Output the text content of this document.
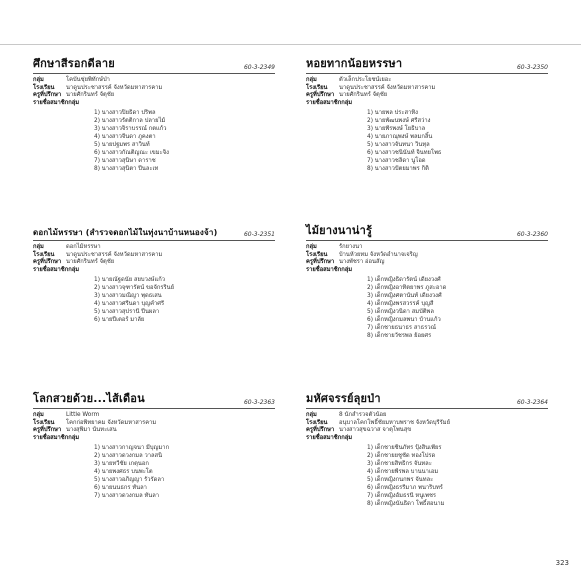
ศึกษาสีรอกดีลาย	60-3-2349
กลุ่ม	โคบันชุ่ยพิทักษ์ป่า
โรงเรียน	นาดูนประชาสรรค์ จังหวัดมหาสารคาม
ครูที่ปรึกษา นายศักรินทร์ จัตุชัย
รายชื่อสมาชิกกลุ่ม
1) นางสาวปิยธิดา ปริพล
2) นางสาวรัตติกาล ปลายไม้
3) นางสาวจิราบรรณ์ กตแก้ว
4) นางสาวจีนดา ภูคงตา
5) นายปฐมพร สาวินท์
6) นางสาวกัณติญณะ เขมะจิง
7) นางสาวสุนิษา ดาราช
8) นางสาวสุนิตา ปีนละเท
หอยทากน้อยหรรษา	60-3-2350
กลุ่ม	ตัวเล็กประโยชน์เยอะ
โรงเรียน	นาดูนประชาสรรค์ จังหวัดมหาสารคาม
ครูที่ปรึกษา นายศักรินทร์ จัตุชัย
รายชื่อสมาชิกกลุ่ม
1) นายพล ประสาทิง
2) นายพัฒนพงษ์ ศรีสว่าง
3) นายพีรพงษ์ โยธิบาล
4) นายภาณุพงษ์ พลมกลิ้น
5) นางสาวจันทนา วินทุล
6) นางสาวชนินันท์ จินทยโพธ
7) นางสาวชลิดา นูโอด
8) นางสาวปัตยมาพร กิติ
ดอกไม้หรรษา (สำรวจดอกไม้ในทุ่งนาบ้านหนองจ้า)	60-3-2351
กลุ่ม	ดอกไม้หรรษา
โรงเรียน	นาดูนประชาสรรค์ จังหวัดมหาสารคาม
ครูที่ปรึกษา นายศักรินทร์ จัตุชัย
รายชื่อสมาชิกกลุ่ม
1) นายณัฐดนัย สยบวงษ์แก้ว
2) นางสาวจุฑารัตน์ ขอจักรรินย์
3) นางสาวมณิญา พุดธเสน
4) นางสาวศรีนดา บุญคำศรี
5) นางสาวสุปรานี ปีนผลา
6) นายปีเตอร์ มาลัย
ไม้ยางนาน่ารู้	60-3-2360
กลุ่ม	รักยางนา
โรงเรียน	บ้านห้วยทม จังหวัดอำนาจเจริญ
ครูที่ปรึกษา นางพัชรา อ่อนสัญ
รายชื่อสมาชิกกลุ่ม
1) เด็กหญิงธิดารัตน์ เดียงวงศ์
2) เด็กหญิงอาทิตยาพร ภูสะอาด
3) เด็กหญิงศตานันท์ เดียงวงศ์
4) เด็กหญิงพรสวรรค์ บุญสี
5) เด็กหญิงวนิดา สมบัติพล
6) เด็กหญิงกมลพนา บ้านแก้ว
7) เด็กชายธนาธร สาธรวณ์
8) เด็กชายวัชรพล ย้อยศร
โลกสวยด้วย...ไส้เดือน	60-3-2363
กลุ่ม	Little Worm
โรงเรียน	โคกก่อพิทยาคม จังหวัดมหาสารคาม
ครูที่ปรึกษา นางสุพิมา นันทะเสน
รายชื่อสมาชิกกลุ่ม
1) นางสาวกาญจนา มีบุญมาก
2) นางสาวดวงกมล วาลสนิ
3) นายทวีชัย เกตุนอก
4) นายพงศธร บนพะโต
5) นางสาวอภิญญา รัวรัดลา
6) นายนนธกร ทันลา
7) นางสาวดวงกมล ทันลา
มหัศจรรย์ลุยป่า	60-3-2364
กลุ่ม	8 นักสำรวจตัวน้อย
โรงเรียน	อนุบาลโคกโพธิ์ชัยมหาบพราช จังหวัดบุรีรัมย์
ครูที่ปรึกษา นางสาวสุขฉวาส จาตุโพนสุข
รายชื่อสมาชิกกลุ่ม
1) เด็กชายชินภัทร ปุ้งสินเพียร
2) เด็กชายยชูชัด ทองโปรด
3) เด็กชายสิทธิกร จันทละ
4) เด็กชายพีรพล บานนาเอม
5) เด็กหญิงกนกพร จันทละ
6) เด็กหญิงธรรีมาภ พนาริบทร์
7) เด็กหญิงอัมธรนี หนูเพชร
8) เด็กหญิงนันธิดา โพธิ์สอนาม
323
